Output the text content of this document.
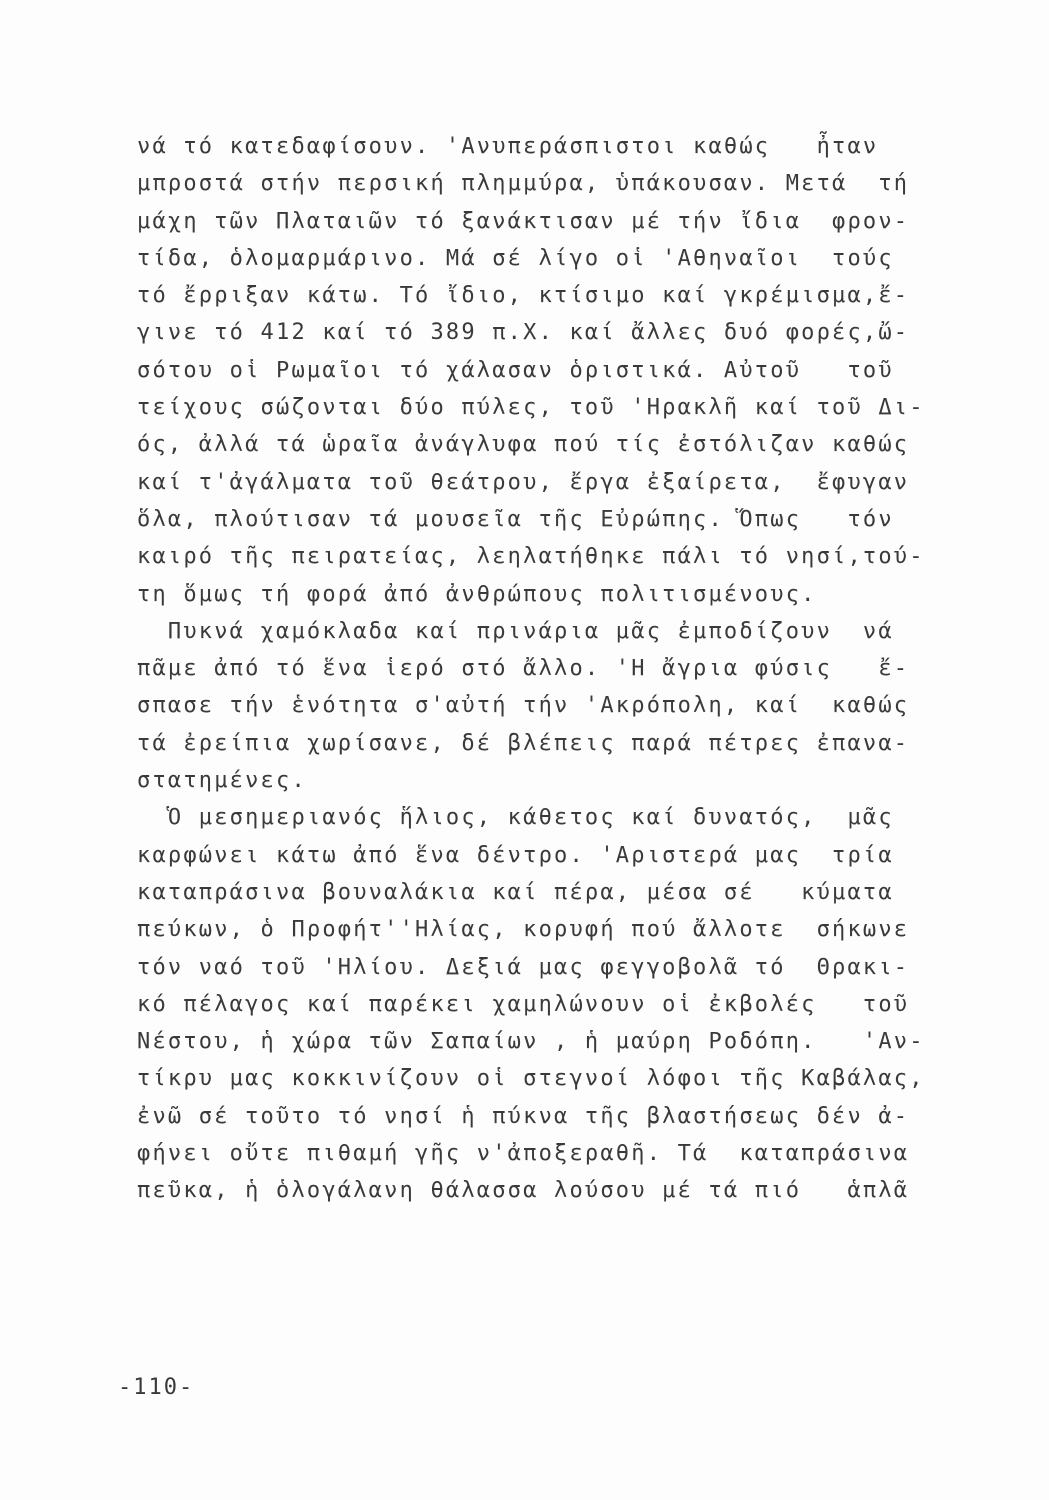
νά τό κατεδαφίσουν. 'Ανυπεράσπιστοι καθώς   ἦταν
μπροστά στήν περσική πλημμύρα, ὑπάκουσαν. Μετά  τή
μάχη τῶν Πλαταιῶν τό ξανάκτισαν μέ τήν ἴδια  φρον-
τίδα, ὁλομαρμάρινο. Μά σέ λίγο οἱ 'Αθηναῖοι  τούς
τό ἔρριξαν κάτω. Τό ἴδιο, κτίσιμο καί γκρέμισμα,ἔ-
γινε τό 412 καί τό 389 π.Χ. καί ἄλλες δυό φορές,ὤ-
σότου οἱ Ρωμαῖοι τό χάλασαν ὁριστικά. Αὐτοῦ   τοῦ
τείχους σώζονται δύο πύλες, τοῦ 'Ηρακλῆ καί τοῦ Δι-
ός, ἀλλά τά ὡραῖα ἀνάγλυφα πού τίς ἐστόλιζαν καθώς
καί τ'ἀγάλματα τοῦ θεάτρου, ἔργα ἐξαίρετα,  ἔφυγαν
ὅλα, πλούτισαν τά μουσεῖα τῆς Εὐρώπης. Ὅπως   τόν
καιρό τῆς πειρατείας, λεηλατήθηκε πάλι τό νησί,τού-
τη ὅμως τή φορά ἀπό ἀνθρώπους πολιτισμένους.
Πυκνά χαμόκλαδα καί πρινάρια μᾶς ἐμποδίζουν  νά
πᾶμε ἀπό τό ἕνα ἱερό στό ἄλλο. 'Η ἄγρια φύσις   ἔ-
σπασε τήν ἑνότητα σ'αὐτή τήν 'Ακρόπολη, καί  καθώς
τά ἐρείπια χωρίσανε, δέ βλέπεις παρά πέτρες ἐπανα-
στατημένες.
Ὁ μεσημεριανός ἥλιος, κάθετος καί δυνατός,  μᾶς
καρφώνει κάτω ἀπό ἕνα δέντρο. 'Αριστερά μας  τρία
καταπράσινα βουναλάκια καί πέρα, μέσα σέ   κύματα
πεύκων, ὁ Προφήτ''Ηλίας, κορυφή πού ἄλλοτε  σήκωνε
τόν ναό τοῦ 'Ηλίου. Δεξιά μας φεγγοβολᾶ τό  Θρακι-
κό πέλαγος καί παρέκει χαμηλώνουν οἱ ἐκβολές   τοῦ
Νέστου, ἡ χώρα τῶν Σαπαίων , ἡ μαύρη Ροδόπη.   'Αν-
τίκρυ μας κοκκινίζουν οἱ στεγνοί λόφοι τῆς Καβάλας,
ἐνῶ σέ τοῦτο τό νησί ἡ πύκνα τῆς βλαστήσεως δέν ἀ-
φήνει οὔτε πιθαμή γῆς ν'ἀποξεραθῆ. Τά  καταπράσινα
πεῦκα, ἡ ὁλογάλανη θάλασσα λούσου μέ τά πιό   ἁπλᾶ
-110-
